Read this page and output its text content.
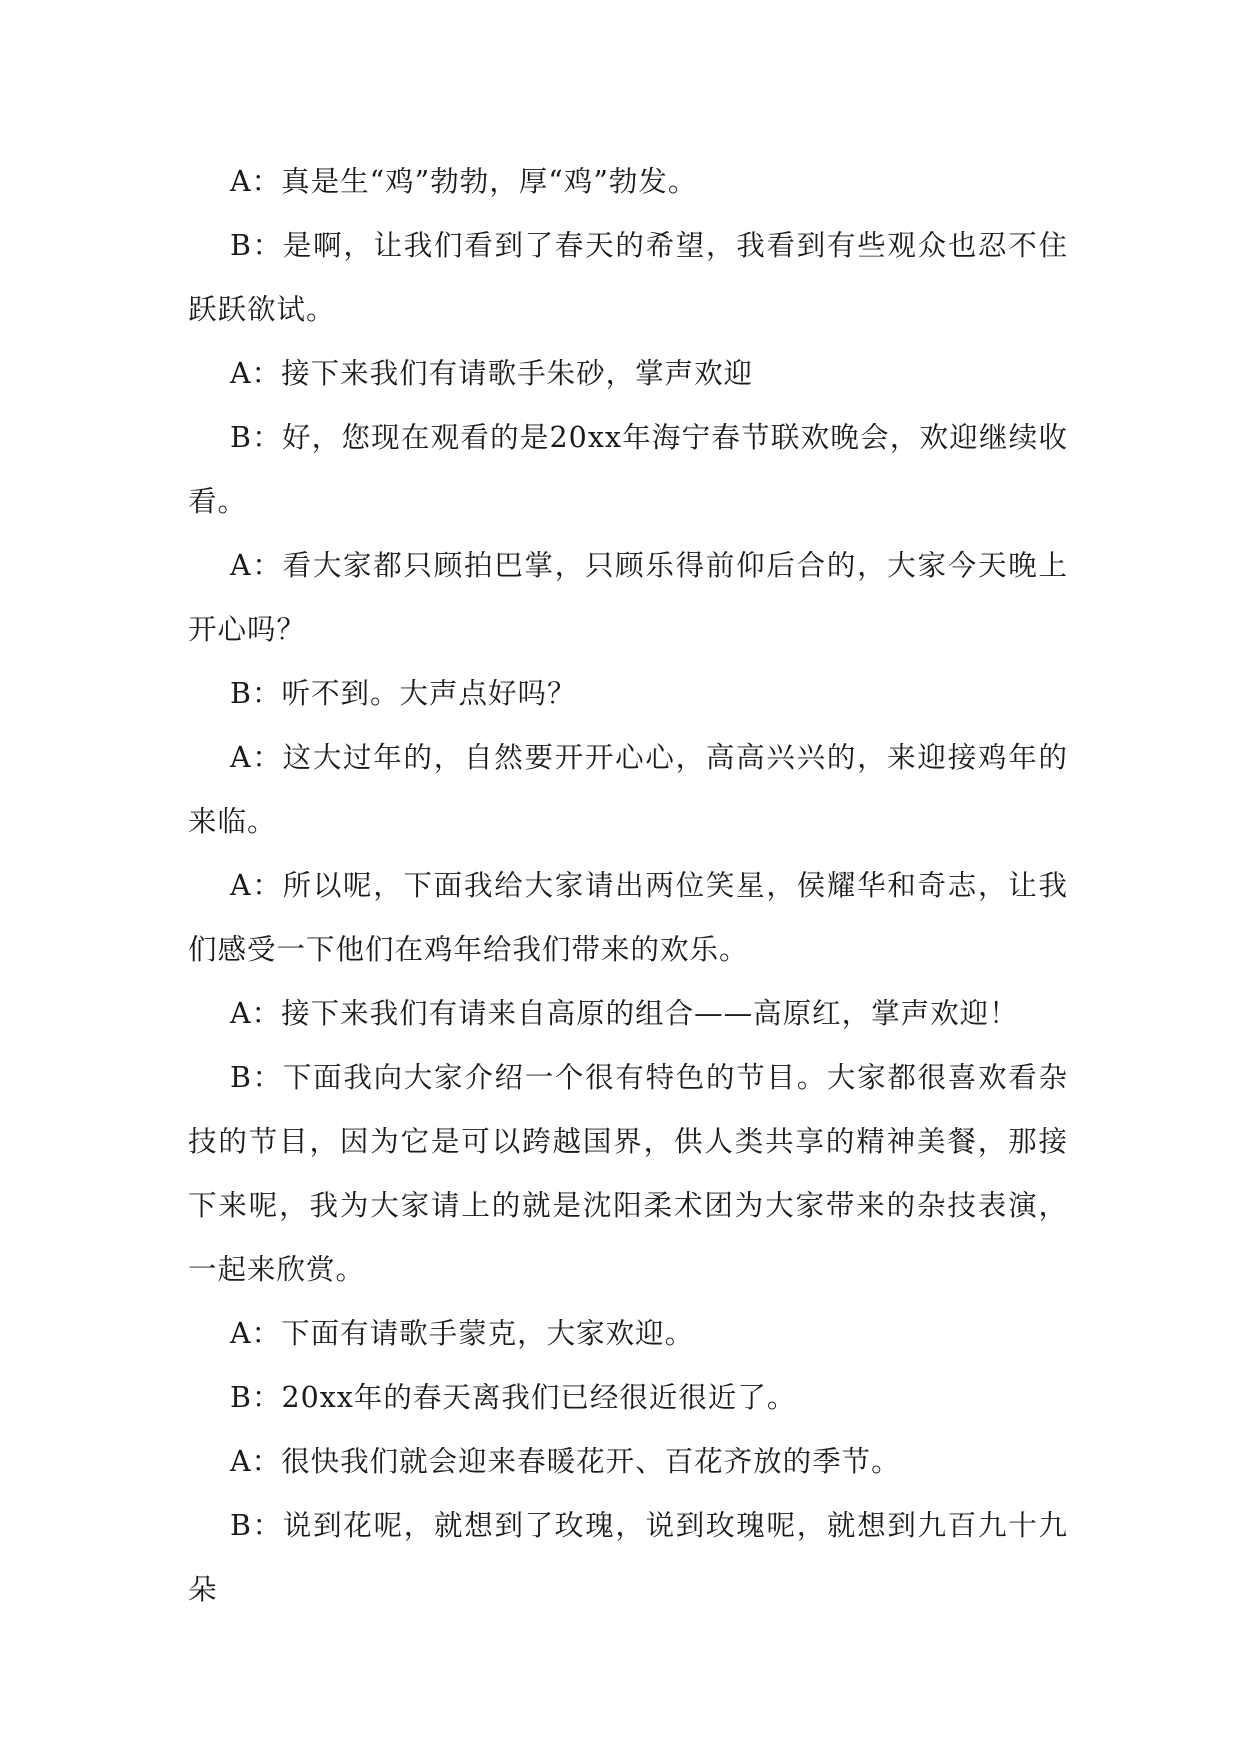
A：真是生“鸡”勃勃，厚“鸡”勃发。

B：是啊，让我们看到了春天的希望，我看到有些观众也忍不住跃跃欲试。

A：接下来我们有请歌手朱砂，掌声欢迎

B：好，您现在观看的是20xx年海宁春节联欢晚会，欢迎继续收看。

A：看大家都只顾拍巴掌，只顾乐得前仰后合的，大家今天晚上开心吗？

B：听不到。大声点好吗？

A：这大过年的，自然要开开心心，高高兴兴的，来迎接鸡年的来临。

A：所以呢，下面我给大家请出两位笑星，侯耀华和奇志，让我们感受一下他们在鸡年给我们带来的欢乐。

A：接下来我们有请来自高原的组合——高原红，掌声欢迎！

B：下面我向大家介绍一个很有特色的节目。大家都很喜欢看杂技的节目，因为它是可以跨越国界，供人类共享的精神美餐，那接下来呢，我为大家请上的就是沈阳柔术团为大家带来的杂技表演，一起来欣赏。

A：下面有请歌手蒙克，大家欢迎。

B：20xx年的春天离我们已经很近很近了。

A：很快我们就会迎来春暖花开、百花齐放的季节。

B：说到花呢，就想到了玫瑰，说到玫瑰呢，就想到九百九十九朵
